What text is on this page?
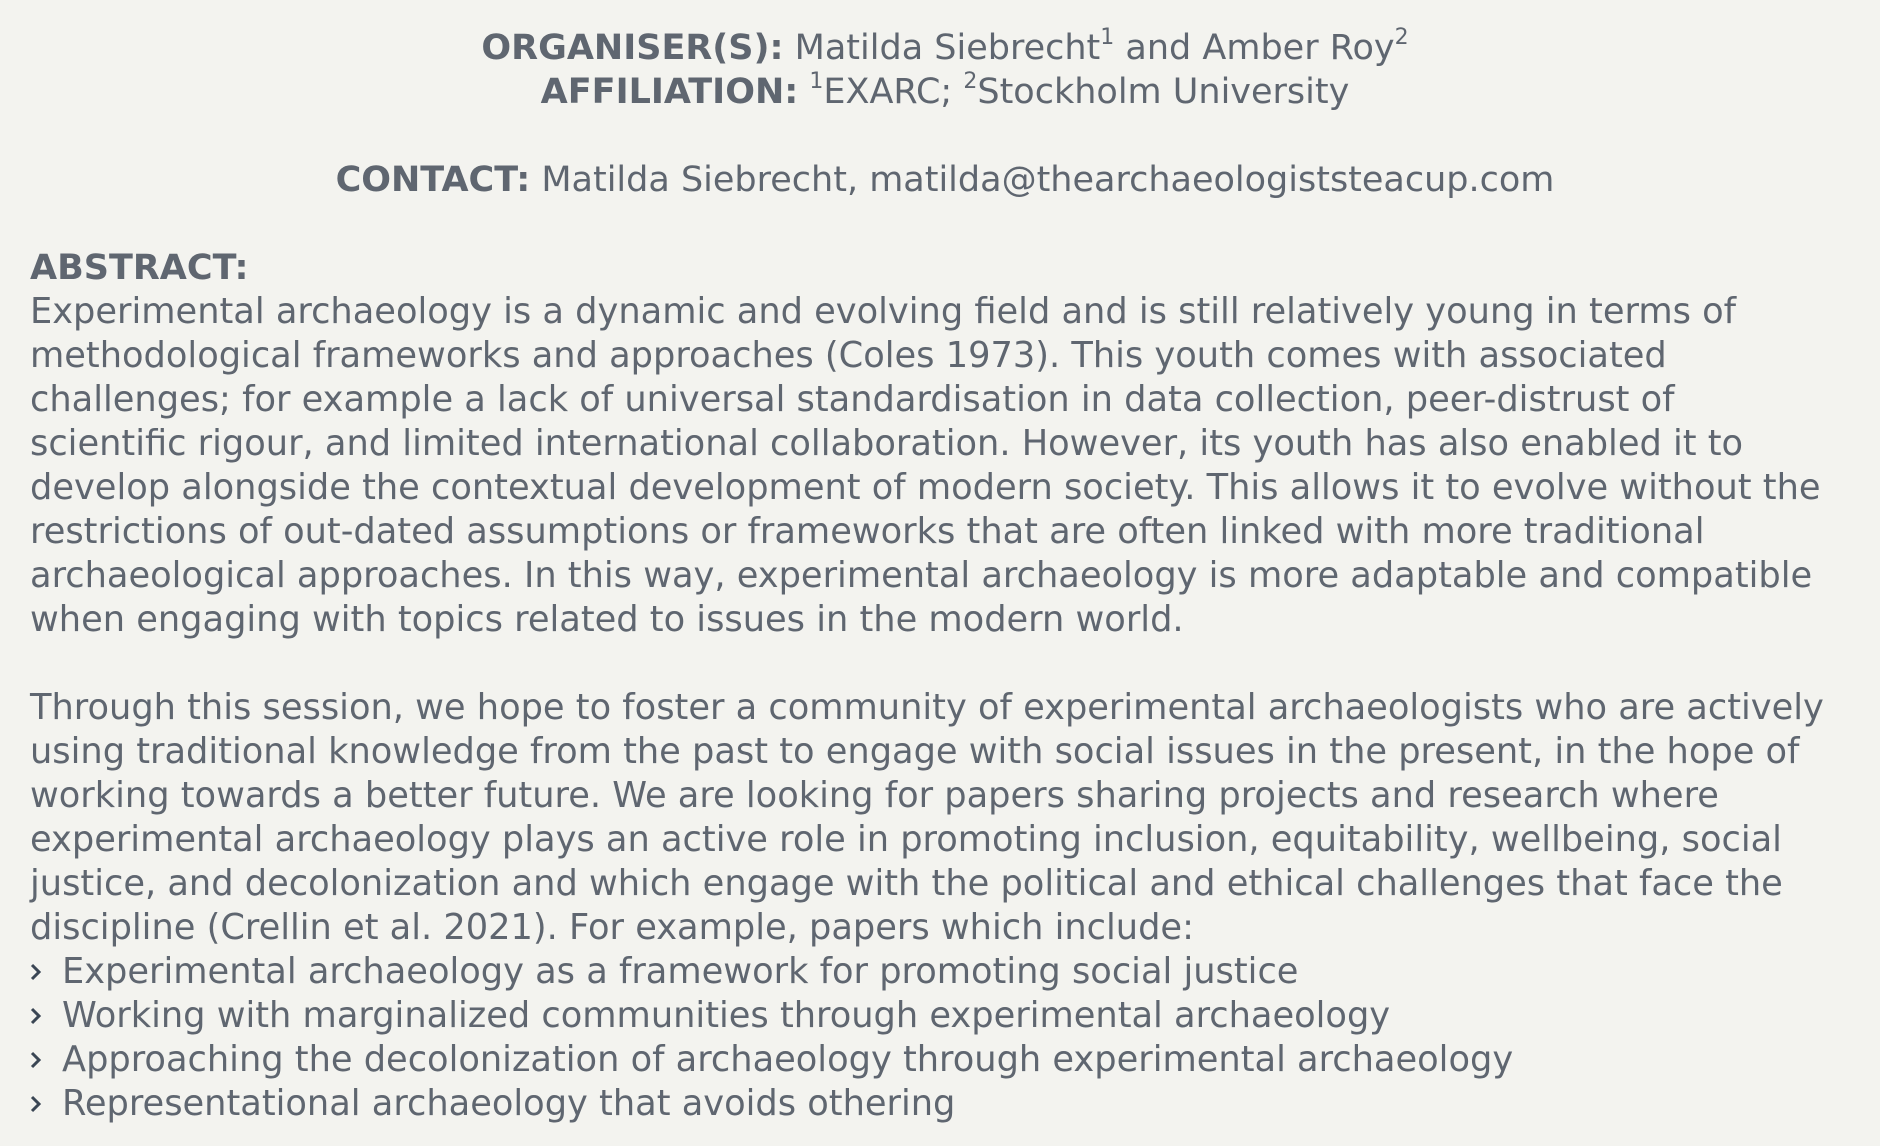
ORGANISER(S): Matilda Siebrecht$^1$ and Amber Roy$^2$
AFFILIATION: $^1$EXARC; $^2$Stockholm University
CONTACT: Matilda Siebrecht, matilda@thearchaeologiststeacup.com
ABSTRACT:
Experimental archaeology is a dynamic and evolving field and is still relatively young in terms of
methodological frameworks and approaches (Coles 1973). This youth comes with associated
challenges; for example a lack of universal standardisation in data collection, peer-distrust of
scientific rigour, and limited international collaboration. However, its youth has also enabled it to
develop alongside the contextual development of modern society. This allows it to evolve without the
restrictions of out-dated assumptions or frameworks that are often linked with more traditional
archaeological approaches. In this way, experimental archaeology is more adaptable and compatible
when engaging with topics related to issues in the modern world.
Through this session, we hope to foster a community of experimental archaeologists who are actively
using traditional knowledge from the past to engage with social issues in the present, in the hope of
working towards a better future. We are looking for papers sharing projects and research where
experimental archaeology plays an active role in promoting inclusion, equitability, wellbeing, social
justice, and decolonization and which engage with the political and ethical challenges that face the
discipline (Crellin et al. 2021). For example, papers which include:
Experimental archaeology as a framework for promoting social justice
Working with marginalized communities through experimental archaeology
Approaching the decolonization of archaeology through experimental archaeology
Representational archaeology that avoids othering
